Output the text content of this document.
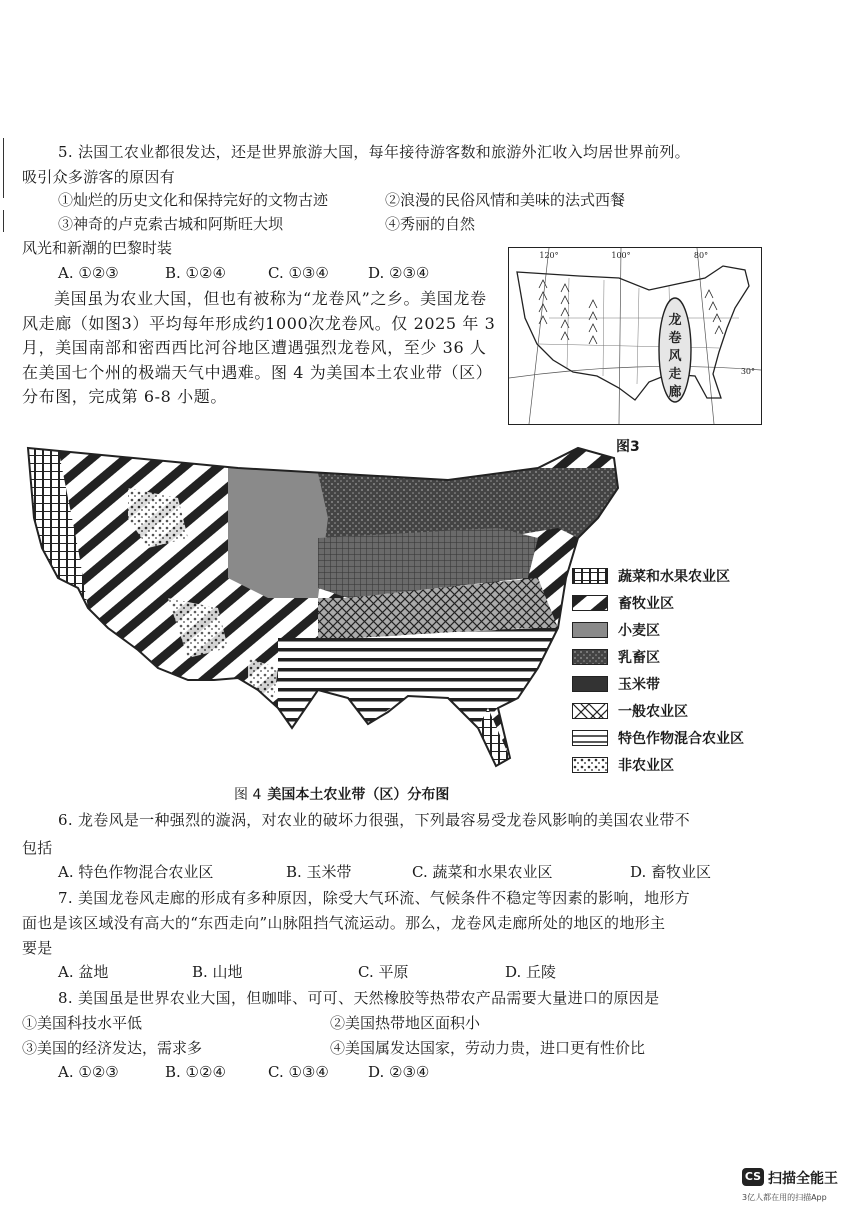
5. 法国工农业都很发达，还是世界旅游大国，每年接待游客数和旅游外汇收入均居世界前列。
吸引众多游客的原因有
①灿烂的历史文化和保持完好的文物古迹	②浪漫的民俗风情和美味的法式西餐
③神奇的卢克索古城和阿斯旺大坝	④秀丽的自然
风光和新潮的巴黎时装
A. ①②③	B. ①②④	C. ①③④	D. ②③④

美国虽为农业大国，但也有被称为“龙卷风”之乡。美国龙卷风走廊（如图3）平均每年形成约1000次龙卷风。仅 2025 年 3 月，美国南部和密西西比河谷地区遭遇强烈龙卷风，至少 36 人在美国七个州的极端天气中遇难。图 4 为美国本土农业带（区）分布图，完成第 6-8 小题。

龙
卷
风
走
廊
120°	100°	80°
30°
图3
蔬菜和水果农业区
畜牧业区
小麦区
乳畜区
玉米带
一般农业区
特色作物混合农业区
非农业区
图 4 美国本土农业带（区）分布图
6. 龙卷风是一种强烈的漩涡，对农业的破坏力很强，下列最容易受龙卷风影响的美国农业带不
包括
A. 特色作物混合农业区	B. 玉米带	C. 蔬菜和水果农业区	D. 畜牧业区
7. 美国龙卷风走廊的形成有多种原因，除受大气环流、气候条件不稳定等因素的影响，地形方
面也是该区域没有高大的“东西走向”山脉阻挡气流运动。那么，龙卷风走廊所处的地区的地形主
要是
A. 盆地	B. 山地	C. 平原	D. 丘陵
8. 美国虽是世界农业大国，但咖啡、可可、天然橡胶等热带农产品需要大量进口的原因是
①美国科技水平低	②美国热带地区面积小
③美国的经济发达，需求多	④美国属发达国家，劳动力贵，进口更有性价比
A. ①②③	B. ①②④	C. ①③④	D. ②③④
CS 扫描全能王
3亿人都在用的扫描App
